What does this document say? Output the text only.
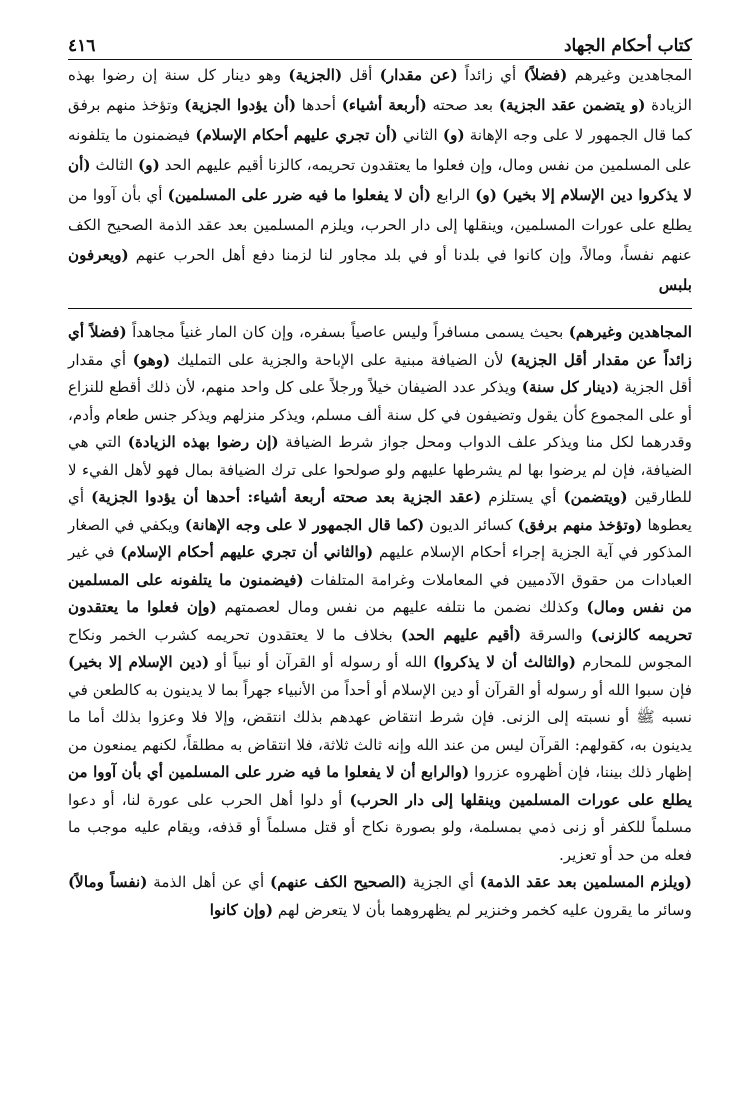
كتاب أحكام الجهاد
٤١٦

المجاهدين وغيرهم (فضلاً) أي زائداً (عن مقدار) أقل (الجزية) وهو دينار كل سنة إن رضوا بهذه الزيادة (و يتضمن عقد الجزية) بعد صحته (أربعة أشياء) أحدها (أن يؤدوا الجزية) وتؤخذ منهم برفق كما قال الجمهور لا على وجه الإهانة (و) الثاني (أن تجري عليهم أحكام الإسلام) فيضمنون ما يتلفونه على المسلمين من نفس ومال، وإن فعلوا ما يعتقدون تحريمه، كالزنا أقيم عليهم الحد (و) الثالث (أن لا يذكروا دين الإسلام إلا بخير) (و) الرابع (أن لا يفعلوا ما فيه ضرر على المسلمين) أي بأن آووا من يطلع على عورات المسلمين، وينقلها إلى دار الحرب، ويلزم المسلمين بعد عقد الذمة الصحيح الكف عنهم نفساً، ومالاً، وإن كانوا في بلدنا أو في بلد مجاور لنا لزمنا دفع أهل الحرب عنهم (ويعرفون بلبس

المجاهدين وغيرهم) بحيث يسمى مسافراً وليس عاصياً بسفره، وإن كان المار غنياً مجاهداً (فضلاً أي زائداً عن مقدار أقل الجزية) لأن الضيافة مبنية على الإباحة والجزية على التمليك (وهو) أي مقدار أقل الجزية (دينار كل سنة) ويذكر عدد الضيفان خيلاً ورجلاً على كل واحد منهم، لأن ذلك أقطع للنزاع أو على المجموع كأن يقول وتضيفون في كل سنة ألف مسلم، ويذكر منزلهم ويذكر جنس طعام وأدم، وقدرهما لكل منا ويذكر علف الدواب ومحل جواز شرط الضيافة (إن رضوا بهذه الزيادة) التي هي الضيافة، فإن لم يرضوا بها لم يشرطها عليهم ولو صولحوا على ترك الضيافة بمال فهو لأهل الفيء لا للطارقين (ويتضمن) أي يستلزم (عقد الجزية بعد صحته أربعة أشياء: أحدها أن يؤدوا الجزية) أي يعطوها (وتؤخذ منهم برفق) كسائر الديون (كما قال الجمهور لا على وجه الإهانة) ويكفي في الصغار المذكور في آية الجزية إجراء أحكام الإسلام عليهم (والثاني أن تجري عليهم أحكام الإسلام) في غير العبادات من حقوق الآدميين في المعاملات وغرامة المتلفات (فيضمنون ما يتلفونه على المسلمين من نفس ومال) وكذلك نضمن ما نتلفه عليهم من نفس ومال لعصمتهم (وإن فعلوا ما يعتقدون تحريمه كالزنى) والسرقة (أقيم عليهم الحد) بخلاف ما لا يعتقدون تحريمه كشرب الخمر ونكاح المجوس للمحارم (والثالث أن لا يذكروا) الله أو رسوله أو القرآن أو نبياً أو (دين الإسلام إلا بخير) فإن سبوا الله أو رسوله أو القرآن أو دين الإسلام أو أحداً من الأنبياء جهراً بما لا يدينون به كالطعن في نسبه ﷺ أو نسبته إلى الزنى. فإن شرط انتقاض عهدهم بذلك انتقض، وإلا فلا وعزوا بذلك أما ما يدينون به، كقولهم: القرآن ليس من عند الله وإنه ثالث ثلاثة، فلا انتقاض به مطلقاً، لكنهم يمنعون من إظهار ذلك بيننا، فإن أظهروه عزروا (والرابع أن لا يفعلوا ما فيه ضرر على المسلمين أي بأن آووا من يطلع على عورات المسلمين وينقلها إلى دار الحرب) أو دلوا أهل الحرب على عورة لنا، أو دعوا مسلماً للكفر أو زنى ذمي بمسلمة، ولو بصورة نكاح أو قتل مسلماً أو قذفه، ويقام عليه موجب ما فعله من حد أو تعزير.

(ويلزم المسلمين بعد عقد الذمة) أي الجزية (الصحيح الكف عنهم) أي عن أهل الذمة (نفساً ومالاً) وسائر ما يقرون عليه كخمر وخنزير لم يظهروهما بأن لا يتعرض لهم (وإن كانوا
